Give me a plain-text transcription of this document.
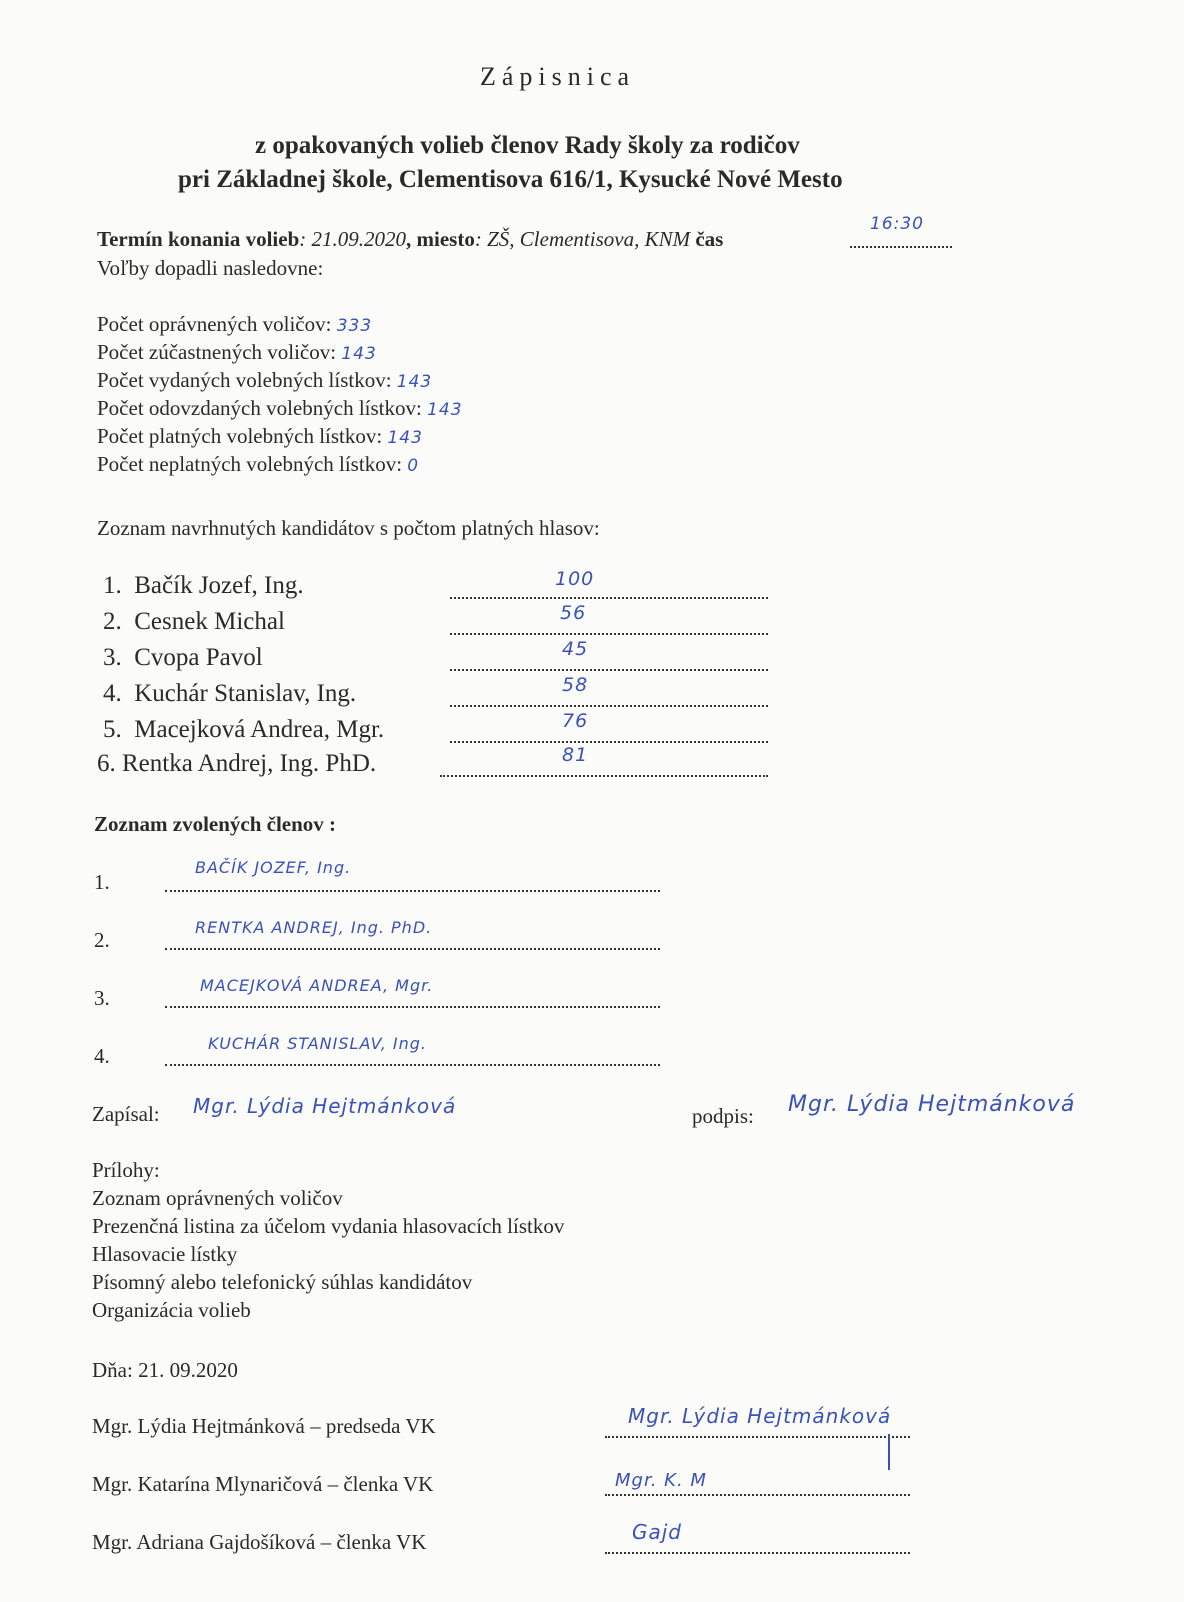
Zápisnica
z opakovaných volieb členov Rady školy za rodičov
pri Základnej škole, Clementisova 616/1, Kysucké Nové Mesto
Termín konania volieb: 21.09.2020, miesto: ZŠ, Clementisova, KNM čas
16:30
Voľby dopadli nasledovne:
Počet oprávnených voličov: 333
Počet zúčastnených voličov: 143
Počet vydaných volebných lístkov: 143
Počet odovzdaných volebných lístkov: 143
Počet platných volebných lístkov: 143
Počet neplatných volebných lístkov: 0
Zoznam navrhnutých kandidátov s počtom platných hlasov:
1. Bačík Jozef, Ing.	100
2. Cesnek Michal	56
3. Cvopa Pavol	45
4. Kuchár Stanislav, Ing.	58
5. Macejková Andrea, Mgr.	76
6. Rentka Andrej, Ing. PhD.	81
Zoznam zvolených členov :
1.
BAČÍK JOZEF, Ing.
2.
RENTKA ANDREJ, Ing. PhD.
3.
MACEJKOVÁ ANDREA, Mgr.
4.
KUCHÁR STANISLAV, Ing.
Zapísal: Mgr. Lýdia Hejtmánková	podpis: Mgr. Lýdia Hejtmánková
Prílohy:
Zoznam oprávnených voličov
Prezenčná listina za účelom vydania hlasovacích lístkov
Hlasovacie lístky
Písomný alebo telefonický súhlas kandidátov
Organizácia volieb
Dňa: 21. 09.2020
Mgr. Lýdia Hejtmánková – predseda VK	Mgr. Lýdia Hejtmánková
Mgr. Katarína Mlynaričová – členka VK	Mgr. K. M
Mgr. Adriana Gajdošíková – členka VK	Gajd
